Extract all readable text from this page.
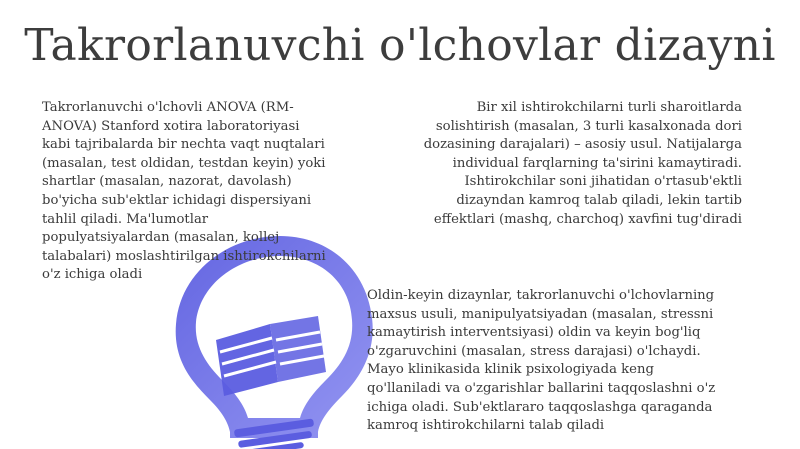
Takrorlanuvchi o'lchovlar dizayni
Takrorlanuvchi o'lchovli ANOVA (RM-
ANOVA) Stanford xotira laboratoriyasi
kabi tajribalarda bir nechta vaqt nuqtalari
(masalan, test oldidan, testdan keyin) yoki
shartlar (masalan, nazorat, davolash)
bo'yicha sub'ektlar ichidagi dispersiyani
tahlil qiladi. Ma'lumotlar
populyatsiyalardan (masalan, kollej
talabalari) moslashtirilgan ishtirokchilarni
o'z ichiga oladi
Bir xil ishtirokchilarni turli sharoitlarda
solishtirish (masalan, 3 turli kasalxonada dori
dozasining darajalari) – asosiy usul. Natijalarga
individual farqlarning ta'sirini kamaytiradi.
Ishtirokchilar soni jihatidan o'rtasub'ektli
dizayndan kamroq talab qiladi, lekin tartib
effektlari (mashq, charchoq) xavfini tug'diradi
Oldin-keyin dizaynlar, takrorlanuvchi o'lchovlarning
maxsus usuli, manipulyatsiyadan (masalan, stressni
kamaytirish interventsiyasi) oldin va keyin bog'liq
o'zgaruvchini (masalan, stress darajasi) o'lchaydi.
Mayo klinikasida klinik psixologiyada keng
qo'llaniladi va o'zgarishlar ballarini taqqoslashni o'z
ichiga oladi. Sub'ektlararo taqqoslashga qaraganda
kamroq ishtirokchilarni talab qiladi
